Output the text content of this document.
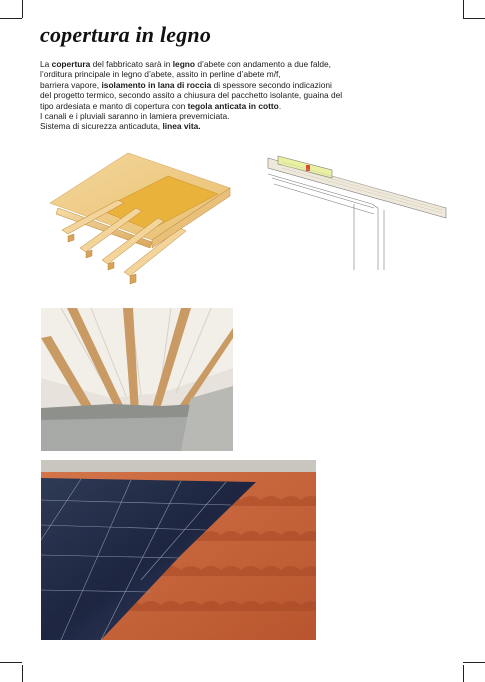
copertura in legno

La copertura del fabbricato sarà in legno d’abete con andamento a due falde,

l’orditura principale in legno d’abete, assito in perline d’abete m/f,

barriera vapore, isolamento in lana di roccia di spessore secondo indicazioni

del progetto termico, secondo assito a chiusura del pacchetto isolante, guaina del

tipo ardesiata e manto di copertura con tegola anticata in cotto.

I canali e i pluviali saranno in lamiera preverniciata.

Sistema di sicurezza anticaduta, linea vita.
